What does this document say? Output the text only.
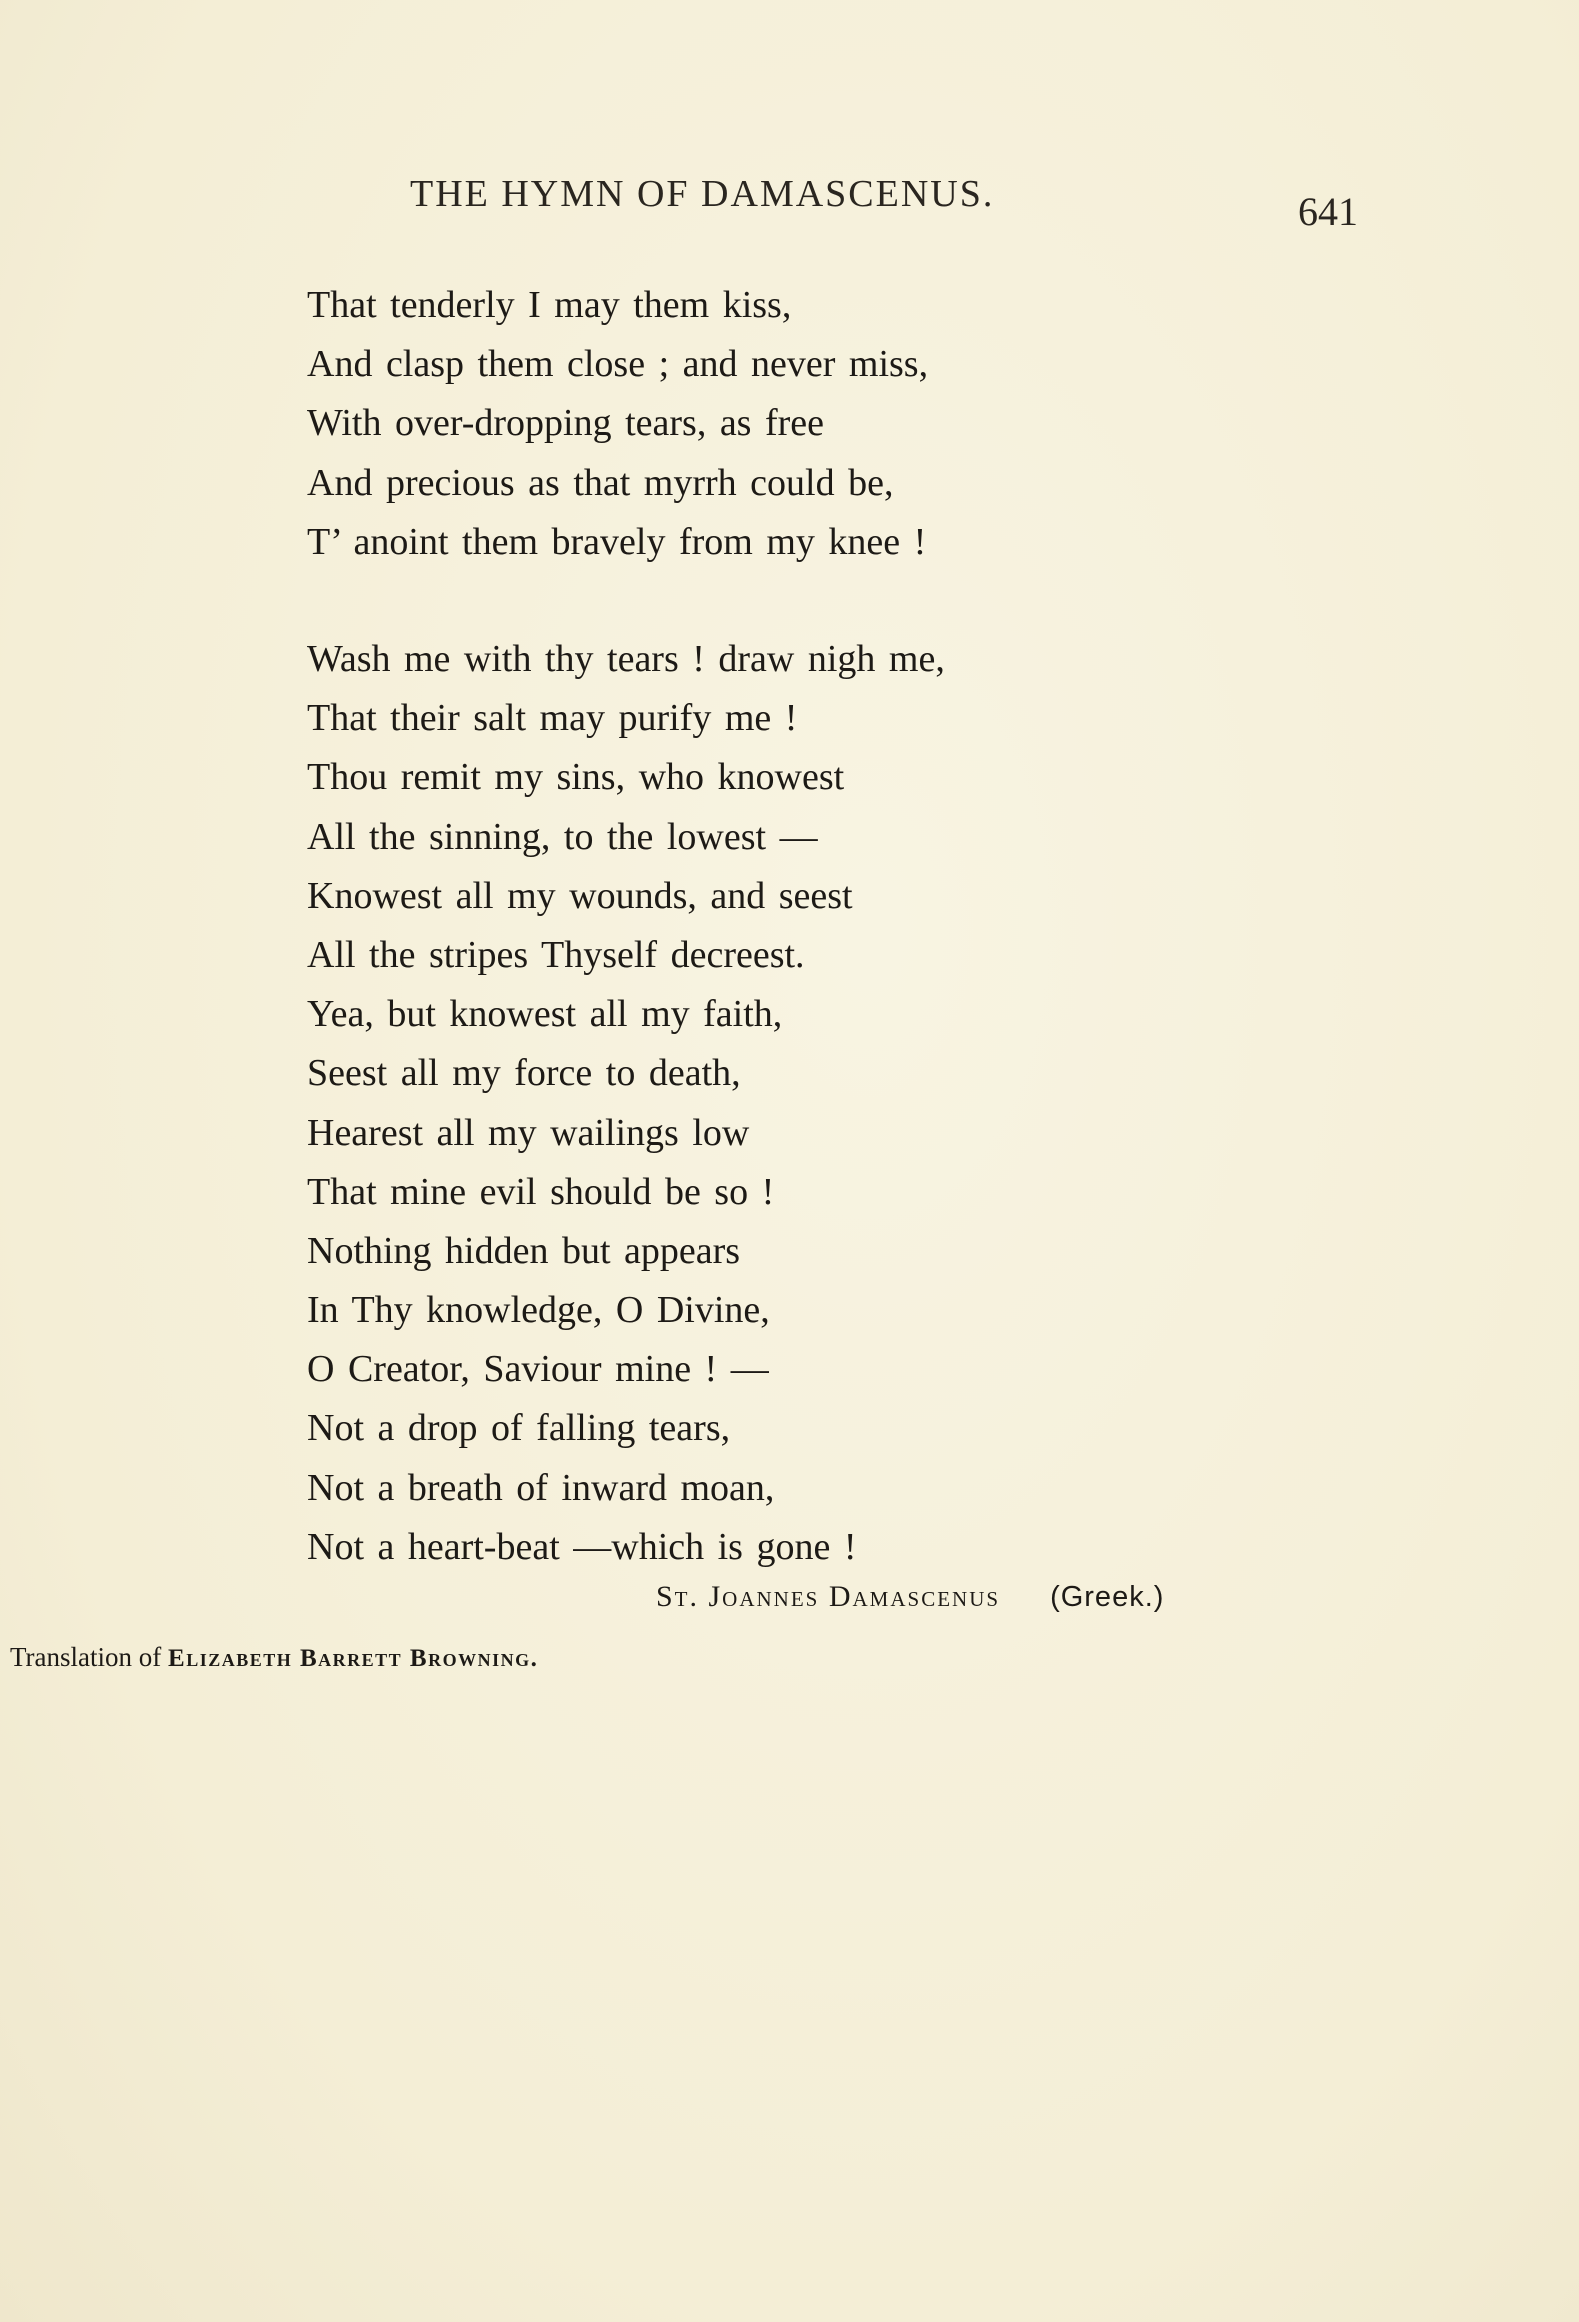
THE HYMN OF DAMASCENUS.	641
That tenderly I may them kiss,
And clasp them close ; and never miss,
With over-dropping tears, as free
And precious as that myrrh could be,
T’ anoint them bravely from my knee !
Wash me with thy tears ! draw nigh me,
That their salt may purify me !
Thou remit my sins, who knowest
All the sinning, to the lowest —
Knowest all my wounds, and seest
All the stripes Thyself decreest.
Yea, but knowest all my faith,
Seest all my force to death,
Hearest all my wailings low
That mine evil should be so !
Nothing hidden but appears
In Thy knowledge, O Divine,
O Creator, Saviour mine ! —
Not a drop of falling tears,
Not a breath of inward moan,
Not a heart-beat —which is gone !
St. Joannes Damascenus (Greek.)
Translation of Elizabeth Barrett Browning.
